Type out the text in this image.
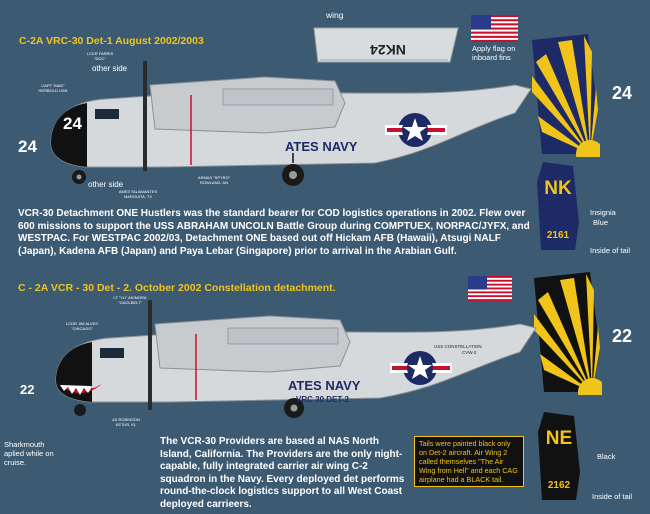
C-2A VRC-30 Det-1 August 2002/2003
wing
NK24	Apply flag on inboard fins
24
24
ATES NAVY
24
other side
other side
LCDR FARRIS "DOC"
CAPT "MAD" HERBOLD USN
ARMAS "SPYRO" ROWLAND, AN
AME3 TALAMANTES MARGUITA, TX	NK
2161
Insignia
Blue
Inside of tail
VCR-30 Detachment ONE Hustlers was the standard bearer for COD logistics operations in 2002. Flew over 600 missions to support the USS ABRAHAM UNCOLN Battle Group during COMPTUEX, NORPAC/JYFX, and WESTPAC. For WESTPAC 2002/03, Detachment ONE based out off Hickam AFB (Hawaii), Atsugi NALF (Japan), Kadena AFB (Japan) and Paya Lebar (Singapore) prior to arrival in the Arabian Gulf.
C - 2A VCR - 30 Det - 2. October 2002 Constellation detachment.
22
22
ATES NAVY
VRC 30 DET-2
USS CONSTELLATION
CVW-2
22
LT "YU" AKIMORA "GAOLBELT"
LCDR JIM ALVES "CHICAGO"
AS ROBINSON KETUR, KL
Sharkmouth aplied while on cruise.
The VCR-30 Providers are based al NAS North Island, California. The Providers are the only night-capable, fully integrated carrier air wing C-2 squadron in the Navy. Every deployed det performs round-the-clock logistics support to all West Coast deployed carrieers.
Tails were painted black only on Det-2 aircraft. Air Wing 2 called themselves "The Air Wing from Hell" and each CAG airplane had a BLACK tail.
NE
2162
Black
Inside of tail
